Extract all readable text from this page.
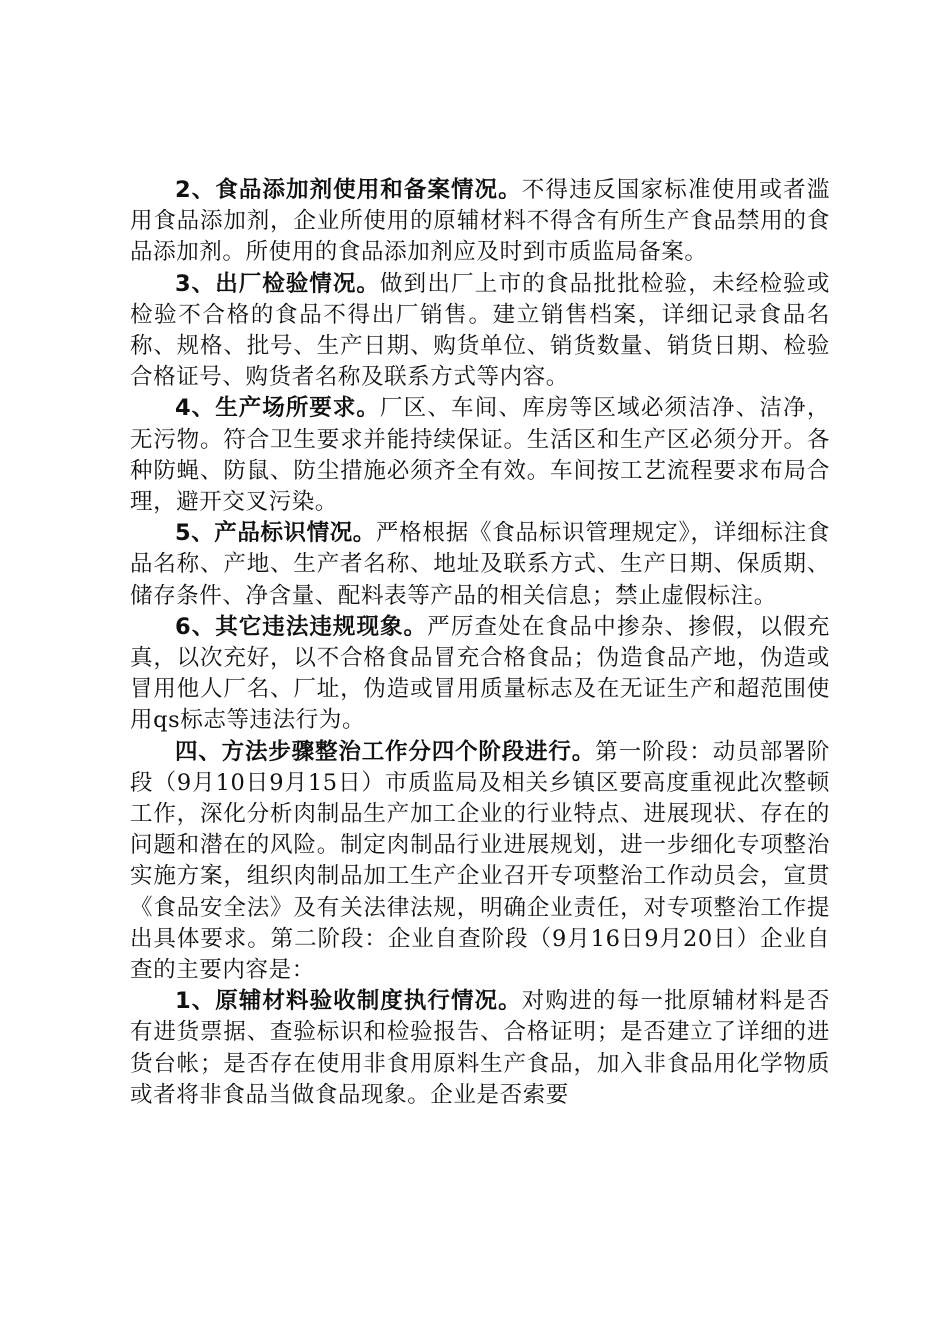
2、食品添加剂使用和备案情况。不得违反国家标准使用或者滥用食品添加剂，企业所使用的原辅材料不得含有所生产食品禁用的食品添加剂。所使用的食品添加剂应及时到市质监局备案。

3、出厂检验情况。做到出厂上市的食品批批检验，未经检验或检验不合格的食品不得出厂销售。建立销售档案，详细记录食品名称、规格、批号、生产日期、购货单位、销货数量、销货日期、检验合格证号、购货者名称及联系方式等内容。

4、生产场所要求。厂区、车间、库房等区域必须洁净、洁净，无污物。符合卫生要求并能持续保证。生活区和生产区必须分开。各种防蝇、防鼠、防尘措施必须齐全有效。车间按工艺流程要求布局合理，避开交叉污染。

5、产品标识情况。严格根据《食品标识管理规定》，详细标注食品名称、产地、生产者名称、地址及联系方式、生产日期、保质期、储存条件、净含量、配料表等产品的相关信息；禁止虚假标注。

6、其它违法违规现象。严厉查处在食品中掺杂、掺假，以假充真，以次充好，以不合格食品冒充合格食品；伪造食品产地，伪造或冒用他人厂名、厂址，伪造或冒用质量标志及在无证生产和超范围使用qs标志等违法行为。

四、方法步骤整治工作分四个阶段进行。第一阶段：动员部署阶段（9月10日9月15日）市质监局及相关乡镇区要高度重视此次整顿工作，深化分析肉制品生产加工企业的行业特点、进展现状、存在的问题和潜在的风险。制定肉制品行业进展规划，进一步细化专项整治实施方案，组织肉制品加工生产企业召开专项整治工作动员会，宣贯《食品安全法》及有关法律法规，明确企业责任，对专项整治工作提出具体要求。第二阶段：企业自查阶段（9月16日9月20日）企业自查的主要内容是：

1、原辅材料验收制度执行情况。对购进的每一批原辅材料是否有进货票据、查验标识和检验报告、合格证明；是否建立了详细的进货台帐；是否存在使用非食用原料生产食品，加入非食品用化学物质或者将非食品当做食品现象。企业是否索要
